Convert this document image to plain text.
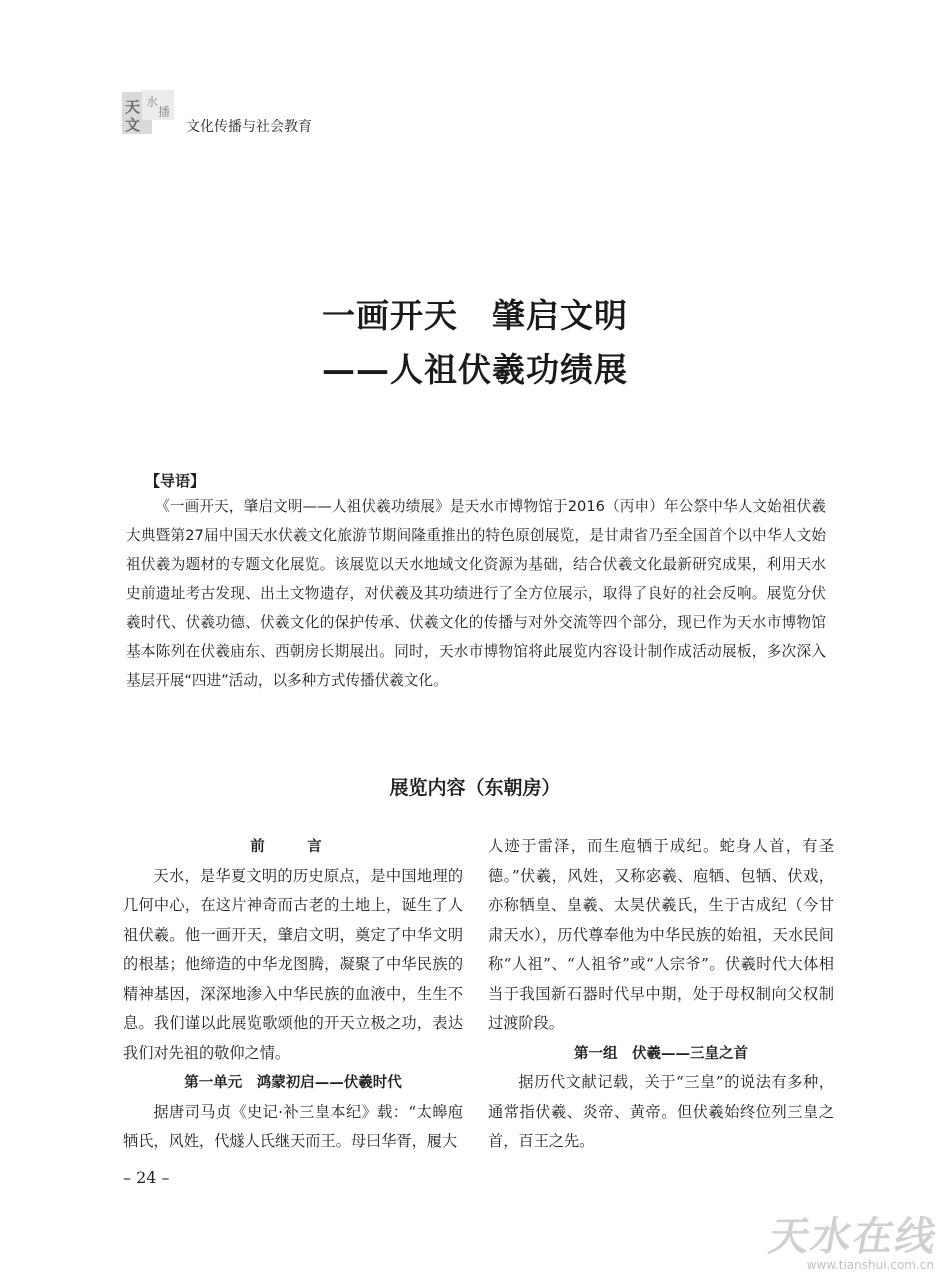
天
文
水
播
文化传播与社会教育
一画开天　肇启文明
——人祖伏羲功绩展
【导语】
《一画开天，肇启文明——人祖伏羲功绩展》是天水市博物馆于2016（丙申）年公祭中华人文始祖伏羲大典暨第27届中国天水伏羲文化旅游节期间隆重推出的特色原创展览，是甘肃省乃至全国首个以中华人文始祖伏羲为题材的专题文化展览。该展览以天水地域文化资源为基础，结合伏羲文化最新研究成果，利用天水史前遗址考古发现、出土文物遗存，对伏羲及其功绩进行了全方位展示，取得了良好的社会反响。展览分伏羲时代、伏羲功德、伏羲文化的保护传承、伏羲文化的传播与对外交流等四个部分，现已作为天水市博物馆基本陈列在伏羲庙东、西朝房长期展出。同时，天水市博物馆将此展览内容设计制作成活动展板，多次深入基层开展“四进”活动，以多种方式传播伏羲文化。
展览内容（东朝房）
前　言

天水，是华夏文明的历史原点，是中国地理的几何中心，在这片神奇而古老的土地上，诞生了人祖伏羲。他一画开天，肇启文明，奠定了中华文明的根基；他缔造的中华龙图腾，凝聚了中华民族的精神基因，深深地渗入中华民族的血液中，生生不息。我们谨以此展览歌颂他的开天立极之功，表达我们对先祖的敬仰之情。

第一单元　鸿蒙初启——伏羲时代

据唐司马贞《史记·补三皇本纪》载：“太皞庖牺氏，风姓，代燧人氏继天而王。母曰华胥，履大

人迹于雷泽，而生庖牺于成纪。蛇身人首，有圣德。”伏羲，风姓，又称宓羲、庖牺、包牺、伏戏，亦称牺皇、皇羲、太昊伏羲氏，生于古成纪（今甘肃天水），历代尊奉他为中华民族的始祖，天水民间称“人祖”、“人祖爷”或“人宗爷”。伏羲时代大体相当于我国新石器时代早中期，处于母权制向父权制过渡阶段。

第一组　伏羲——三皇之首

据历代文献记载，关于“三皇”的说法有多种，通常指伏羲、炎帝、黄帝。但伏羲始终位列三皇之首，百王之先。

– 24 –
天水在线
www.tianshui.com.cn
